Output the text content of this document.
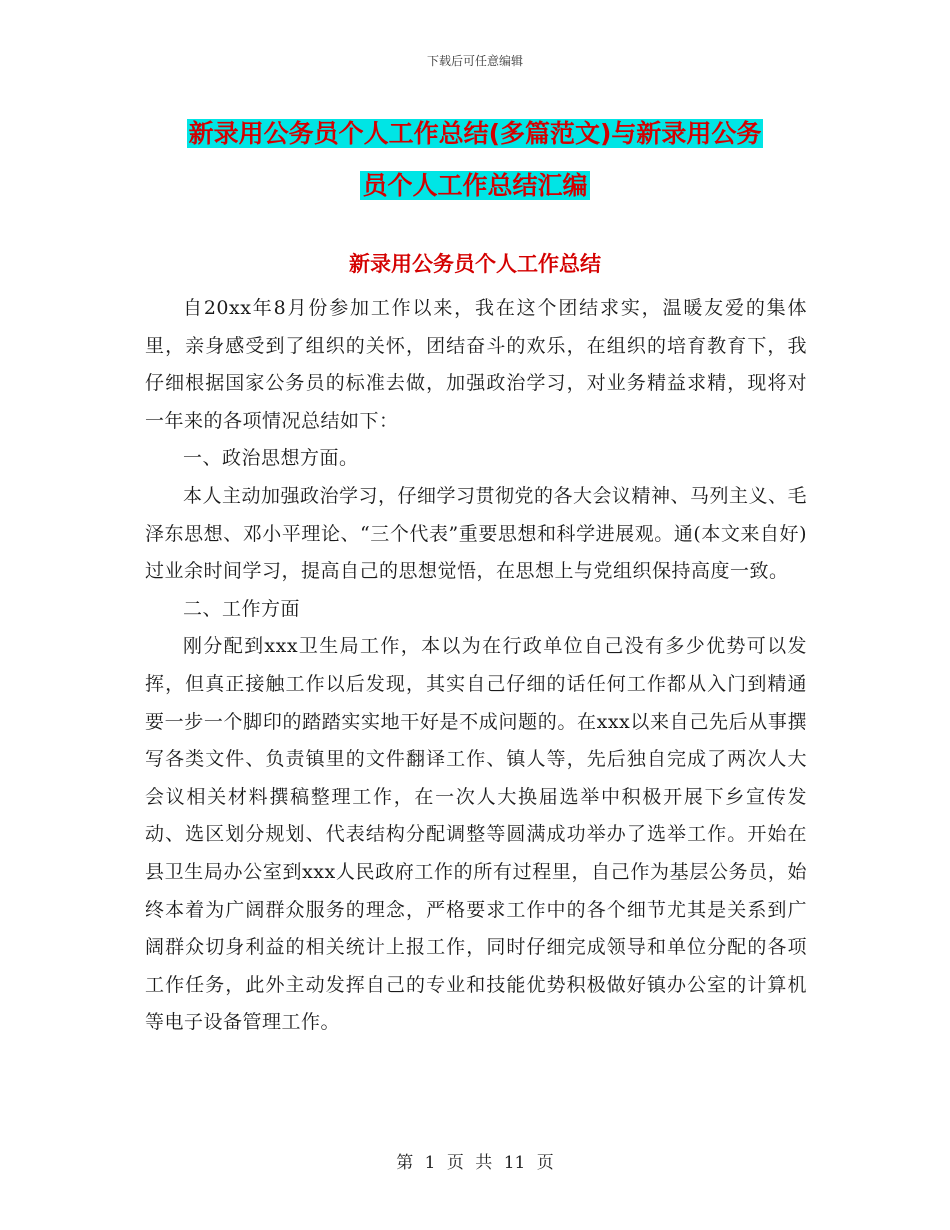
下载后可任意编辑
新录用公务员个人工作总结(多篇范文)与新录用公务
员个人工作总结汇编
新录用公务员个人工作总结

自20xx年8月份参加工作以来，我在这个团结求实，温暖友爱的集体里，亲身感受到了组织的关怀，团结奋斗的欢乐，在组织的培育教育下，我仔细根据国家公务员的标准去做，加强政治学习，对业务精益求精，现将对一年来的各项情况总结如下：

一、政治思想方面。

本人主动加强政治学习，仔细学习贯彻党的各大会议精神、马列主义、毛泽东思想、邓小平理论、“三个代表”重要思想和科学进展观。通(本文来自好)过业余时间学习，提高自己的思想觉悟，在思想上与党组织保持高度一致。

二、工作方面

刚分配到xxx卫生局工作，本以为在行政单位自己没有多少优势可以发挥，但真正接触工作以后发现，其实自己仔细的话任何工作都从入门到精通要一步一个脚印的踏踏实实地干好是不成问题的。在xxx以来自己先后从事撰写各类文件、负责镇里的文件翻译工作、镇人等，先后独自完成了两次人大会议相关材料撰稿整理工作，在一次人大换届选举中积极开展下乡宣传发动、选区划分规划、代表结构分配调整等圆满成功举办了选举工作。开始在县卫生局办公室到xxx人民政府工作的所有过程里，自己作为基层公务员，始终本着为广阔群众服务的理念，严格要求工作中的各个细节尤其是关系到广阔群众切身利益的相关统计上报工作，同时仔细完成领导和单位分配的各项工作任务，此外主动发挥自己的专业和技能优势积极做好镇办公室的计算机等电子设备管理工作。

第 1 页 共 11 页
